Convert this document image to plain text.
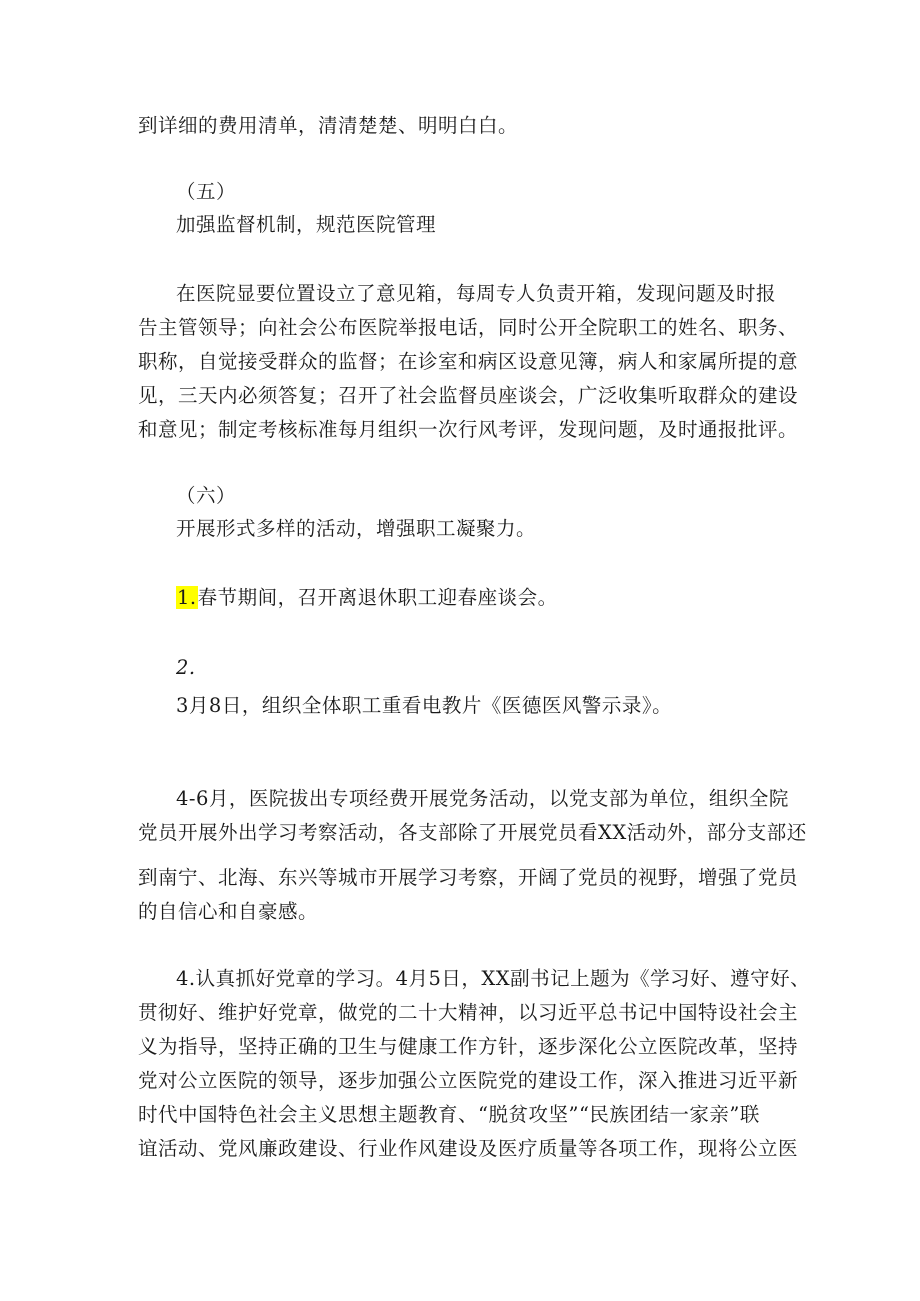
到详细的费用清单，清清楚楚、明明白白。
（五）
加强监督机制，规范医院管理
在医院显要位置设立了意见箱，每周专人负责开箱，发现问题及时报
告主管领导；向社会公布医院举报电话，同时公开全院职工的姓名、职务、
职称，自觉接受群众的监督；在诊室和病区设意见簿，病人和家属所提的意
见，三天内必须答复；召开了社会监督员座谈会，广泛收集听取群众的建设
和意见；制定考核标准每月组织一次行风考评，发现问题，及时通报批评。
（六）
开展形式多样的活动，增强职工凝聚力。
1.春节期间，召开离退休职工迎春座谈会。
2.
3月8日，组织全体职工重看电教片《医德医风警示录》。
4-6月，医院拔出专项经费开展党务活动，以党支部为单位，组织全院
党员开展外出学习考察活动，各支部除了开展党员看XX活动外，部分支部还
到南宁、北海、东兴等城市开展学习考察，开阔了党员的视野，增强了党员
的自信心和自豪感。
4.认真抓好党章的学习。4月5日，XX副书记上题为《学习好、遵守好、
贯彻好、维护好党章，做党的二十大精神，以习近平总书记中国特设社会主
义为指导，坚持正确的卫生与健康工作方针，逐步深化公立医院改革，坚持
党对公立医院的领导，逐步加强公立医院党的建设工作，深入推进习近平新
时代中国特色社会主义思想主题教育、“脱贫攻坚”“民族团结一家亲”联
谊活动、党风廉政建设、行业作风建设及医疗质量等各项工作，现将公立医
